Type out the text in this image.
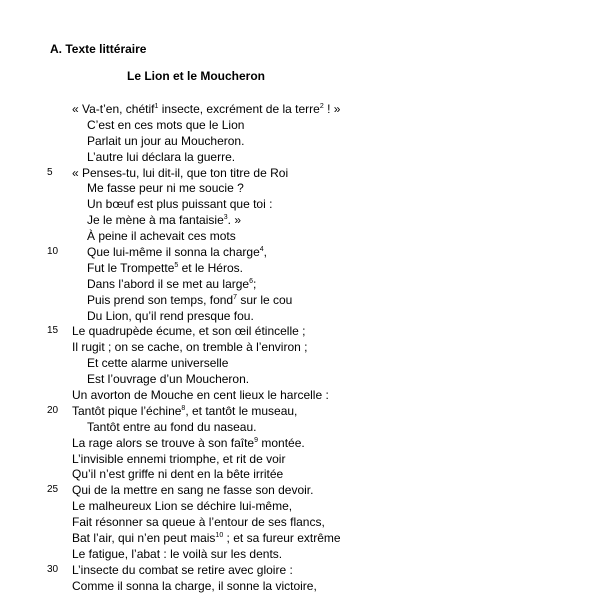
A. Texte littéraire
Le Lion et le Moucheron
« Va-t’en, chétif$^1$ insecte, excrément de la terre$^2$ ! »
C’est en ces mots que le Lion
Parlait un jour au Moucheron.
L’autre lui déclara la guerre.
5 « Penses-tu, lui dit-il, que ton titre de Roi
Me fasse peur ni me soucie ?
Un bœuf est plus puissant que toi :
Je le mène à ma fantaisie$^3$. »
À peine il achevait ces mots
10 Que lui-même il sonna la charge$^4$,
Fut le Trompette$^5$ et le Héros.
Dans l’abord il se met au large$^6$;
Puis prend son temps, fond$^7$ sur le cou
Du Lion, qu’il rend presque fou.
15 Le quadrupède écume, et son œil étincelle ;
Il rugit ; on se cache, on tremble à l’environ ;
Et cette alarme universelle
Est l’ouvrage d’un Moucheron.
Un avorton de Mouche en cent lieux le harcelle :
20 Tantôt pique l’échine$^8$, et tantôt le museau,
Tantôt entre au fond du naseau.
La rage alors se trouve à son faîte$^9$ montée.
L’invisible ennemi triomphe, et rit de voir
Qu’il n’est griffe ni dent en la bête irritée
25 Qui de la mettre en sang ne fasse son devoir.
Le malheureux Lion se déchire lui-même,
Fait résonner sa queue à l’entour de ses flancs,
Bat l’air, qui n’en peut mais$^{10}$ ; et sa fureur extrême
Le fatigue, l’abat : le voilà sur les dents.
30 L’insecte du combat se retire avec gloire :
Comme il sonna la charge, il sonne la victoire,
